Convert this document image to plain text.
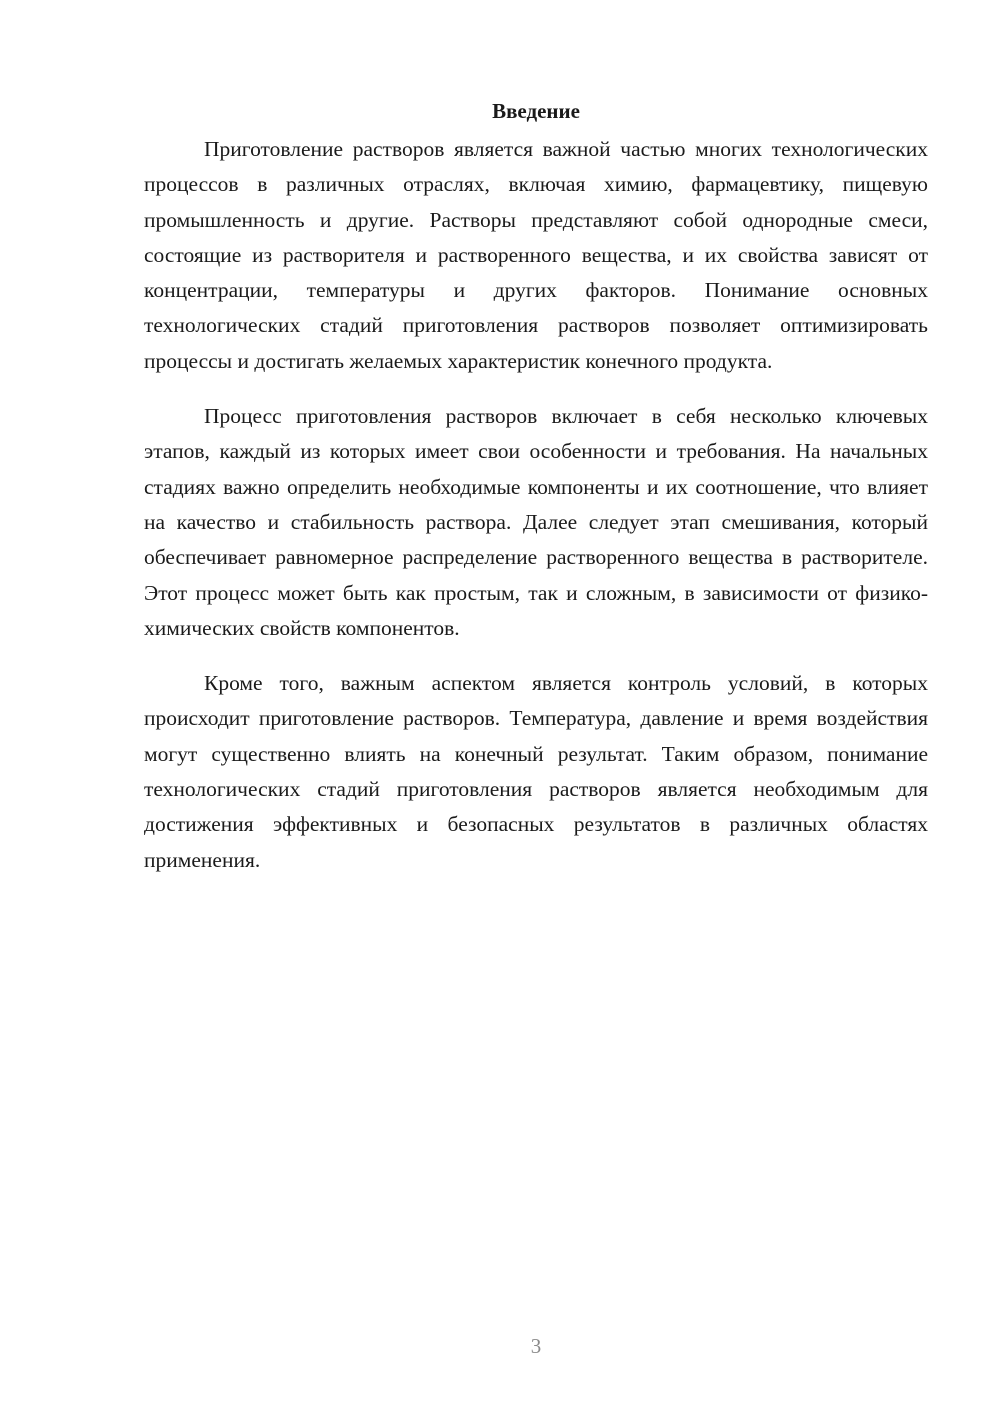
Введение

Приготовление растворов является важной частью многих технологических процессов в различных отраслях, включая химию, фармацевтику, пищевую промышленность и другие. Растворы представляют собой однородные смеси, состоящие из растворителя и растворенного вещества, и их свойства зависят от концентрации, температуры и других факторов. Понимание основных технологических стадий приготовления растворов позволяет оптимизировать процессы и достигать желаемых характеристик конечного продукта.

Процесс приготовления растворов включает в себя несколько ключевых этапов, каждый из которых имеет свои особенности и требования. На начальных стадиях важно определить необходимые компоненты и их соотношение, что влияет на качество и стабильность раствора. Далее следует этап смешивания, который обеспечивает равномерное распределение растворенного вещества в растворителе. Этот процесс может быть как простым, так и сложным, в зависимости от физико-химических свойств компонентов.

Кроме того, важным аспектом является контроль условий, в которых происходит приготовление растворов. Температура, давление и время воздействия могут существенно влиять на конечный результат. Таким образом, понимание технологических стадий приготовления растворов является необходимым для достижения эффективных и безопасных результатов в различных областях применения.

3
